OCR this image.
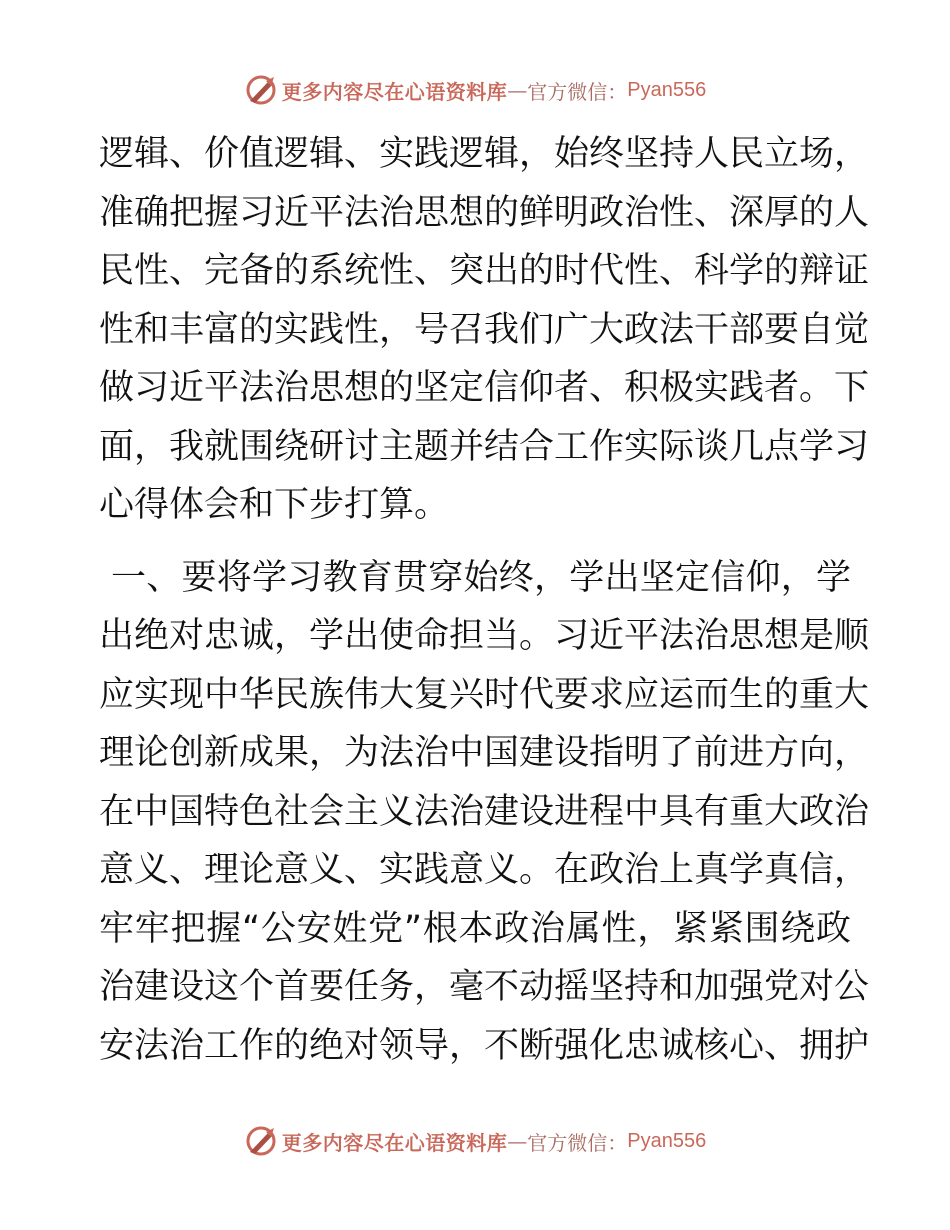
更多内容尽在心语资料库 — 官方微信： Pyan556
逻辑、价值逻辑、实践逻辑，始终坚持人民立场，
准确把握习近平法治思想的鲜明政治性、深厚的人
民性、完备的系统性、突出的时代性、科学的辩证
性和丰富的实践性，号召我们广大政法干部要自觉
做习近平法治思想的坚定信仰者、积极实践者。下
面，我就围绕研讨主题并结合工作实际谈几点学习
心得体会和下步打算。
一、要将学习教育贯穿始终，学出坚定信仰，学
出绝对忠诚，学出使命担当。习近平法治思想是顺
应实现中华民族伟大复兴时代要求应运而生的重大
理论创新成果，为法治中国建设指明了前进方向，
在中国特色社会主义法治建设进程中具有重大政治
意义、理论意义、实践意义。在政治上真学真信，
牢牢把握“公安姓党”根本政治属性，紧紧围绕政
治建设这个首要任务，毫不动摇坚持和加强党对公
安法治工作的绝对领导，不断强化忠诚核心、拥护
更多内容尽在心语资料库 — 官方微信： Pyan556
